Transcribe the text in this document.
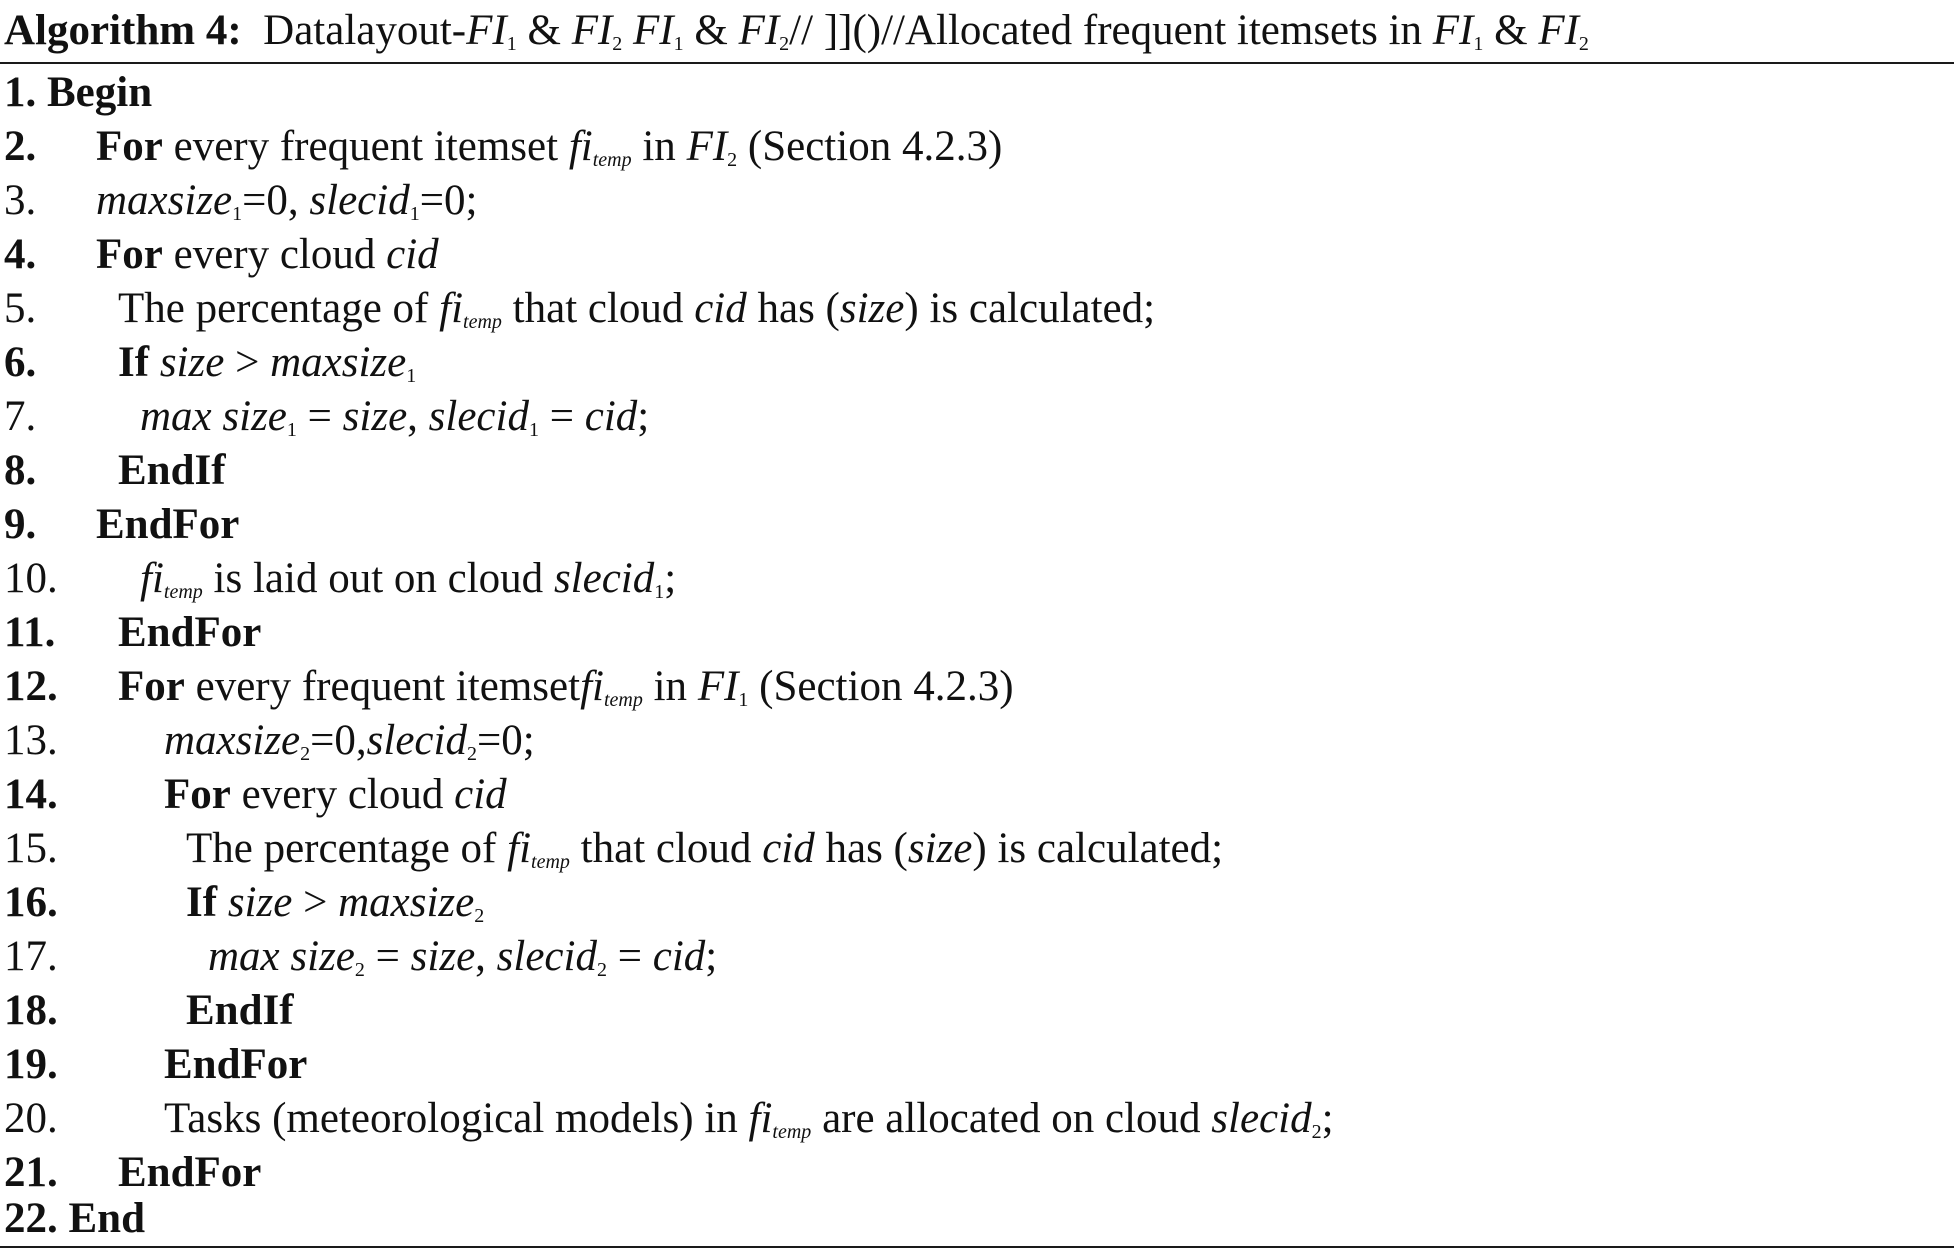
Algorithm 4: Datalayout-$FI_1$ & $FI_2$ $FI_1$ & $FI_2//$ ]]()//Allocated frequent itemsets in $FI_1$ & $FI_2$
1. Begin
2. For every frequent itemset $fi_{temp}$ in $FI_2$ (Section 4.2.3)
3. maxsize$_1$=0, slecid$_1$=0;
4. For every cloud cid
5. The percentage of $fi_{temp}$ that cloud cid has (size) is calculated;
6. If size > maxsize$_1$
7. max size$_1$ = size, slecid$_1$ = cid;
8. EndIf
9. EndFor
10. $fi_{temp}$ is laid out on cloud slecid$_1$;
11. EndFor
12. For every frequent itemsetfi$_{temp}$ in $FI_1$ (Section 4.2.3)
13. maxsize$_2$=0,slecid$_2$=0;
14. For every cloud cid
15.	The percentage of $fi_{temp}$ that cloud cid has (size) is calculated;
16.	If size > maxsize$_2$
17.	max size$_2$ = size, slecid$_2$ = cid;
18.	EndIf
19. EndFor
20. Tasks (meteorological models) in $fi_{temp}$ are allocated on cloud slecid$_2$;
21. EndFor
22. End
